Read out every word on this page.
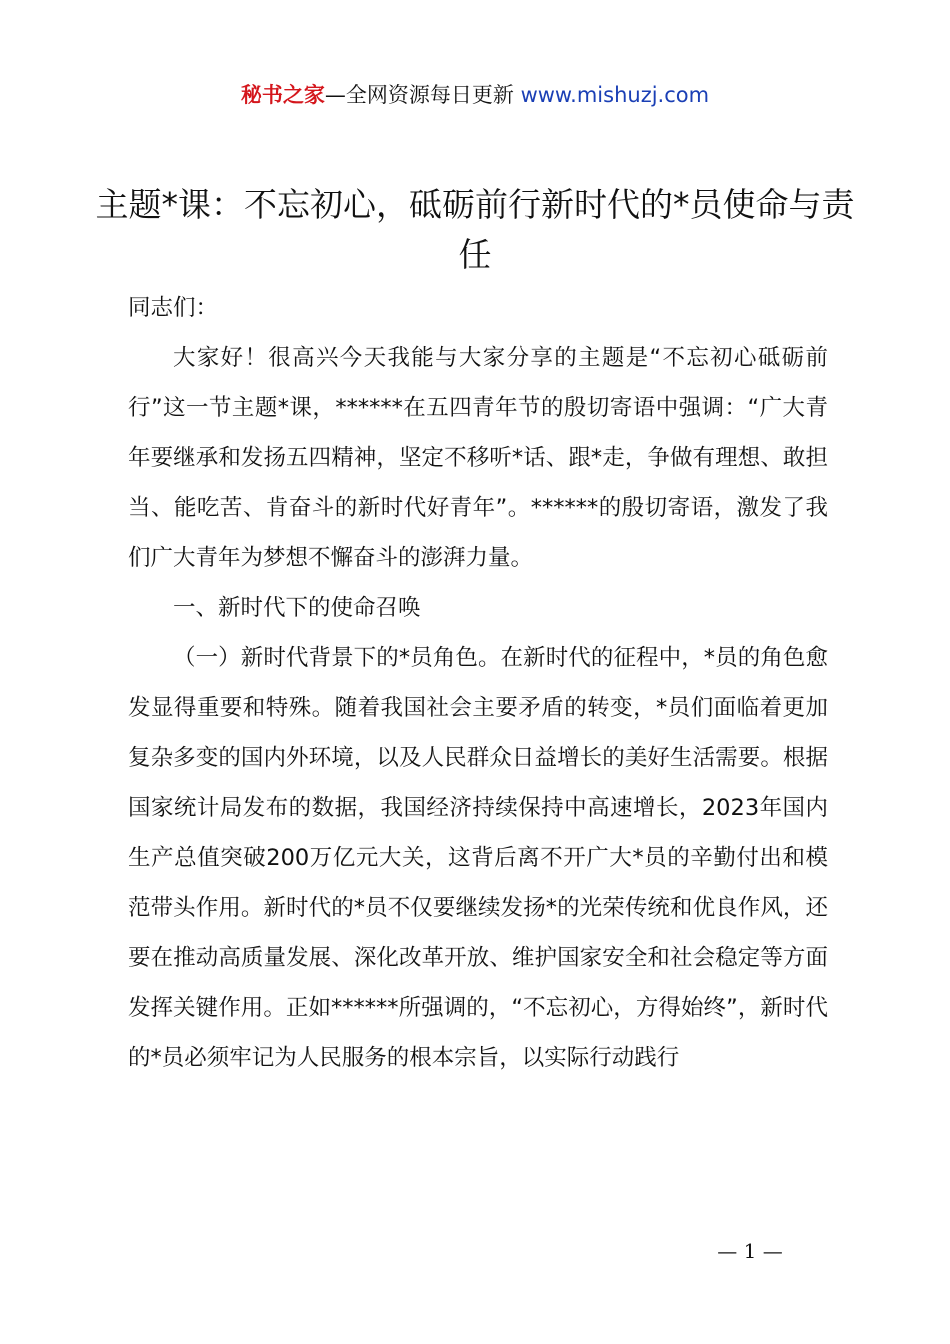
秘书之家—全网资源每日更新 www.mishuzj.com
主题*课：不忘初心，砥砺前行新时代的*员使命与责任
同志们：

大家好！很高兴今天我能与大家分享的主题是“不忘初心砥砺前行”这一节主题*课，******在五四青年节的殷切寄语中强调：“广大青年要继承和发扬五四精神，坚定不移听*话、跟*走，争做有理想、敢担当、能吃苦、肯奋斗的新时代好青年”。******的殷切寄语，激发了我们广大青年为梦想不懈奋斗的澎湃力量。

一、新时代下的使命召唤

（一）新时代背景下的*员角色。在新时代的征程中，*员的角色愈发显得重要和特殊。随着我国社会主要矛盾的转变，*员们面临着更加复杂多变的国内外环境，以及人民群众日益增长的美好生活需要。根据国家统计局发布的数据，我国经济持续保持中高速增长，2023年国内生产总值突破200万亿元大关，这背后离不开广大*员的辛勤付出和模范带头作用。新时代的*员不仅要继续发扬*的光荣传统和优良作风，还要在推动高质量发展、深化改革开放、维护国家安全和社会稳定等方面发挥关键作用。正如******所强调的，“不忘初心，方得始终”，新时代的*员必须牢记为人民服务的根本宗旨，以实际行动践行

— 1 —
